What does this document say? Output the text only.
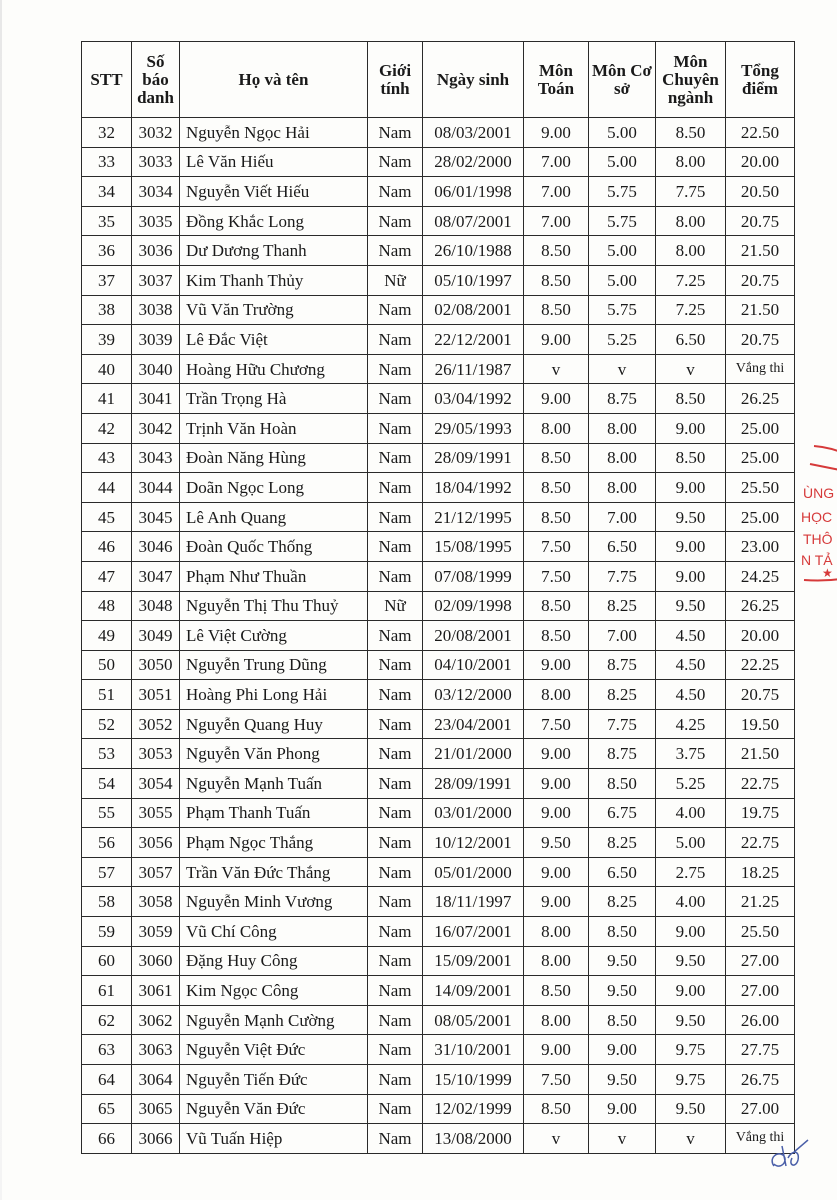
STT	Số báo danh	Họ và tên	Giới tính	Ngày sinh	Môn Toán	Môn Cơ sở	Môn Chuyên ngành	Tổng điểm
32	3032	Nguyễn Ngọc Hải	Nam	08/03/2001	9.00	5.00	8.50	22.50
33	3033	Lê Văn Hiếu	Nam	28/02/2000	7.00	5.00	8.00	20.00
34	3034	Nguyễn Viết Hiếu	Nam	06/01/1998	7.00	5.75	7.75	20.50
35	3035	Đồng Khắc Long	Nam	08/07/2001	7.00	5.75	8.00	20.75
36	3036	Dư Dương Thanh	Nam	26/10/1988	8.50	5.00	8.00	21.50
37	3037	Kim Thanh Thủy	Nữ	05/10/1997	8.50	5.00	7.25	20.75
38	3038	Vũ Văn Trường	Nam	02/08/2001	8.50	5.75	7.25	21.50
39	3039	Lê Đắc Việt	Nam	22/12/2001	9.00	5.25	6.50	20.75
40	3040	Hoàng Hữu Chương	Nam	26/11/1987	v	v	v	Vắng thi
41	3041	Trần Trọng Hà	Nam	03/04/1992	9.00	8.75	8.50	26.25
42	3042	Trịnh Văn Hoàn	Nam	29/05/1993	8.00	8.00	9.00	25.00
43	3043	Đoàn Năng Hùng	Nam	28/09/1991	8.50	8.00	8.50	25.00
44	3044	Doãn Ngọc Long	Nam	18/04/1992	8.50	8.00	9.00	25.50
45	3045	Lê Anh Quang	Nam	21/12/1995	8.50	7.00	9.50	25.00
46	3046	Đoàn Quốc Thống	Nam	15/08/1995	7.50	6.50	9.00	23.00
47	3047	Phạm Như Thuần	Nam	07/08/1999	7.50	7.75	9.00	24.25
48	3048	Nguyễn Thị Thu Thuỷ	Nữ	02/09/1998	8.50	8.25	9.50	26.25
49	3049	Lê Việt Cường	Nam	20/08/2001	8.50	7.00	4.50	20.00
50	3050	Nguyễn Trung Dũng	Nam	04/10/2001	9.00	8.75	4.50	22.25
51	3051	Hoàng Phi Long Hải	Nam	03/12/2000	8.00	8.25	4.50	20.75
52	3052	Nguyễn Quang Huy	Nam	23/04/2001	7.50	7.75	4.25	19.50
53	3053	Nguyễn Văn Phong	Nam	21/01/2000	9.00	8.75	3.75	21.50
54	3054	Nguyễn Mạnh Tuấn	Nam	28/09/1991	9.00	8.50	5.25	22.75
55	3055	Phạm Thanh Tuấn	Nam	03/01/2000	9.00	6.75	4.00	19.75
56	3056	Phạm Ngọc Thắng	Nam	10/12/2001	9.50	8.25	5.00	22.75
57	3057	Trần Văn Đức Thắng	Nam	05/01/2000	9.00	6.50	2.75	18.25
58	3058	Nguyễn Minh Vương	Nam	18/11/1997	9.00	8.25	4.00	21.25
59	3059	Vũ Chí Công	Nam	16/07/2001	8.00	8.50	9.00	25.50
60	3060	Đặng Huy Công	Nam	15/09/2001	8.00	9.50	9.50	27.00
61	3061	Kim Ngọc Công	Nam	14/09/2001	8.50	9.50	9.00	27.00
62	3062	Nguyễn Mạnh Cường	Nam	08/05/2001	8.00	8.50	9.50	26.00
63	3063	Nguyễn Việt Đức	Nam	31/10/2001	9.00	9.00	9.75	27.75
64	3064	Nguyễn Tiến Đức	Nam	15/10/1999	7.50	9.50	9.75	26.75
65	3065	Nguyễn Văn Đức	Nam	12/02/1999	8.50	9.00	9.50	27.00
66	3066	Vũ Tuấn Hiệp	Nam	13/08/2000	v	v	v	Vắng thi
ÙNG
HỌC
THÔ
N TẢ
★
